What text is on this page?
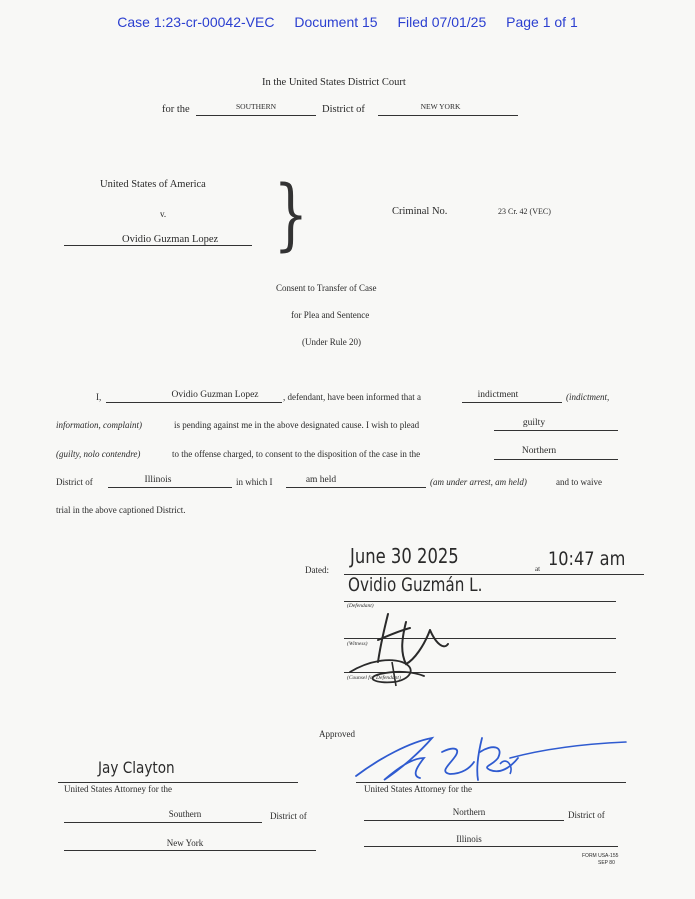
Case 1:23-cr-00042-VEC Document 15 Filed 07/01/25 Page 1 of 1
In the United States District Court
for the	SOUTHERN	District of	NEW YORK
United States of America
v.
Ovidio Guzman Lopez }	Criminal No.	23 Cr. 42 (VEC)
Consent to Transfer of Case
for Plea and Sentence
(Under Rule 20)
I,	Ovidio Guzman Lopez	, defendant, have been informed that a	indictment	(indictment,
information, complaint)	is pending against me in the above designated cause. I wish to plead	guilty
(guilty, nolo contendre)	to the offense charged, to consent to the disposition of the case in the	Northern
District of	Illinois	in which I	am held	(am under arrest, am held)	and to waive
trial in the above captioned District.
Dated:
June 30 2025
at 10:47 am
Ovidio Guzmán L.
(Defendant)
(Witness)
(Counsel for Defendant)
Approved
Jay Clayton
United States Attorney for the
Southern	District of
New York
United States Attorney for the
Northern	District of
Illinois
FORM USA-155
SEP 80
